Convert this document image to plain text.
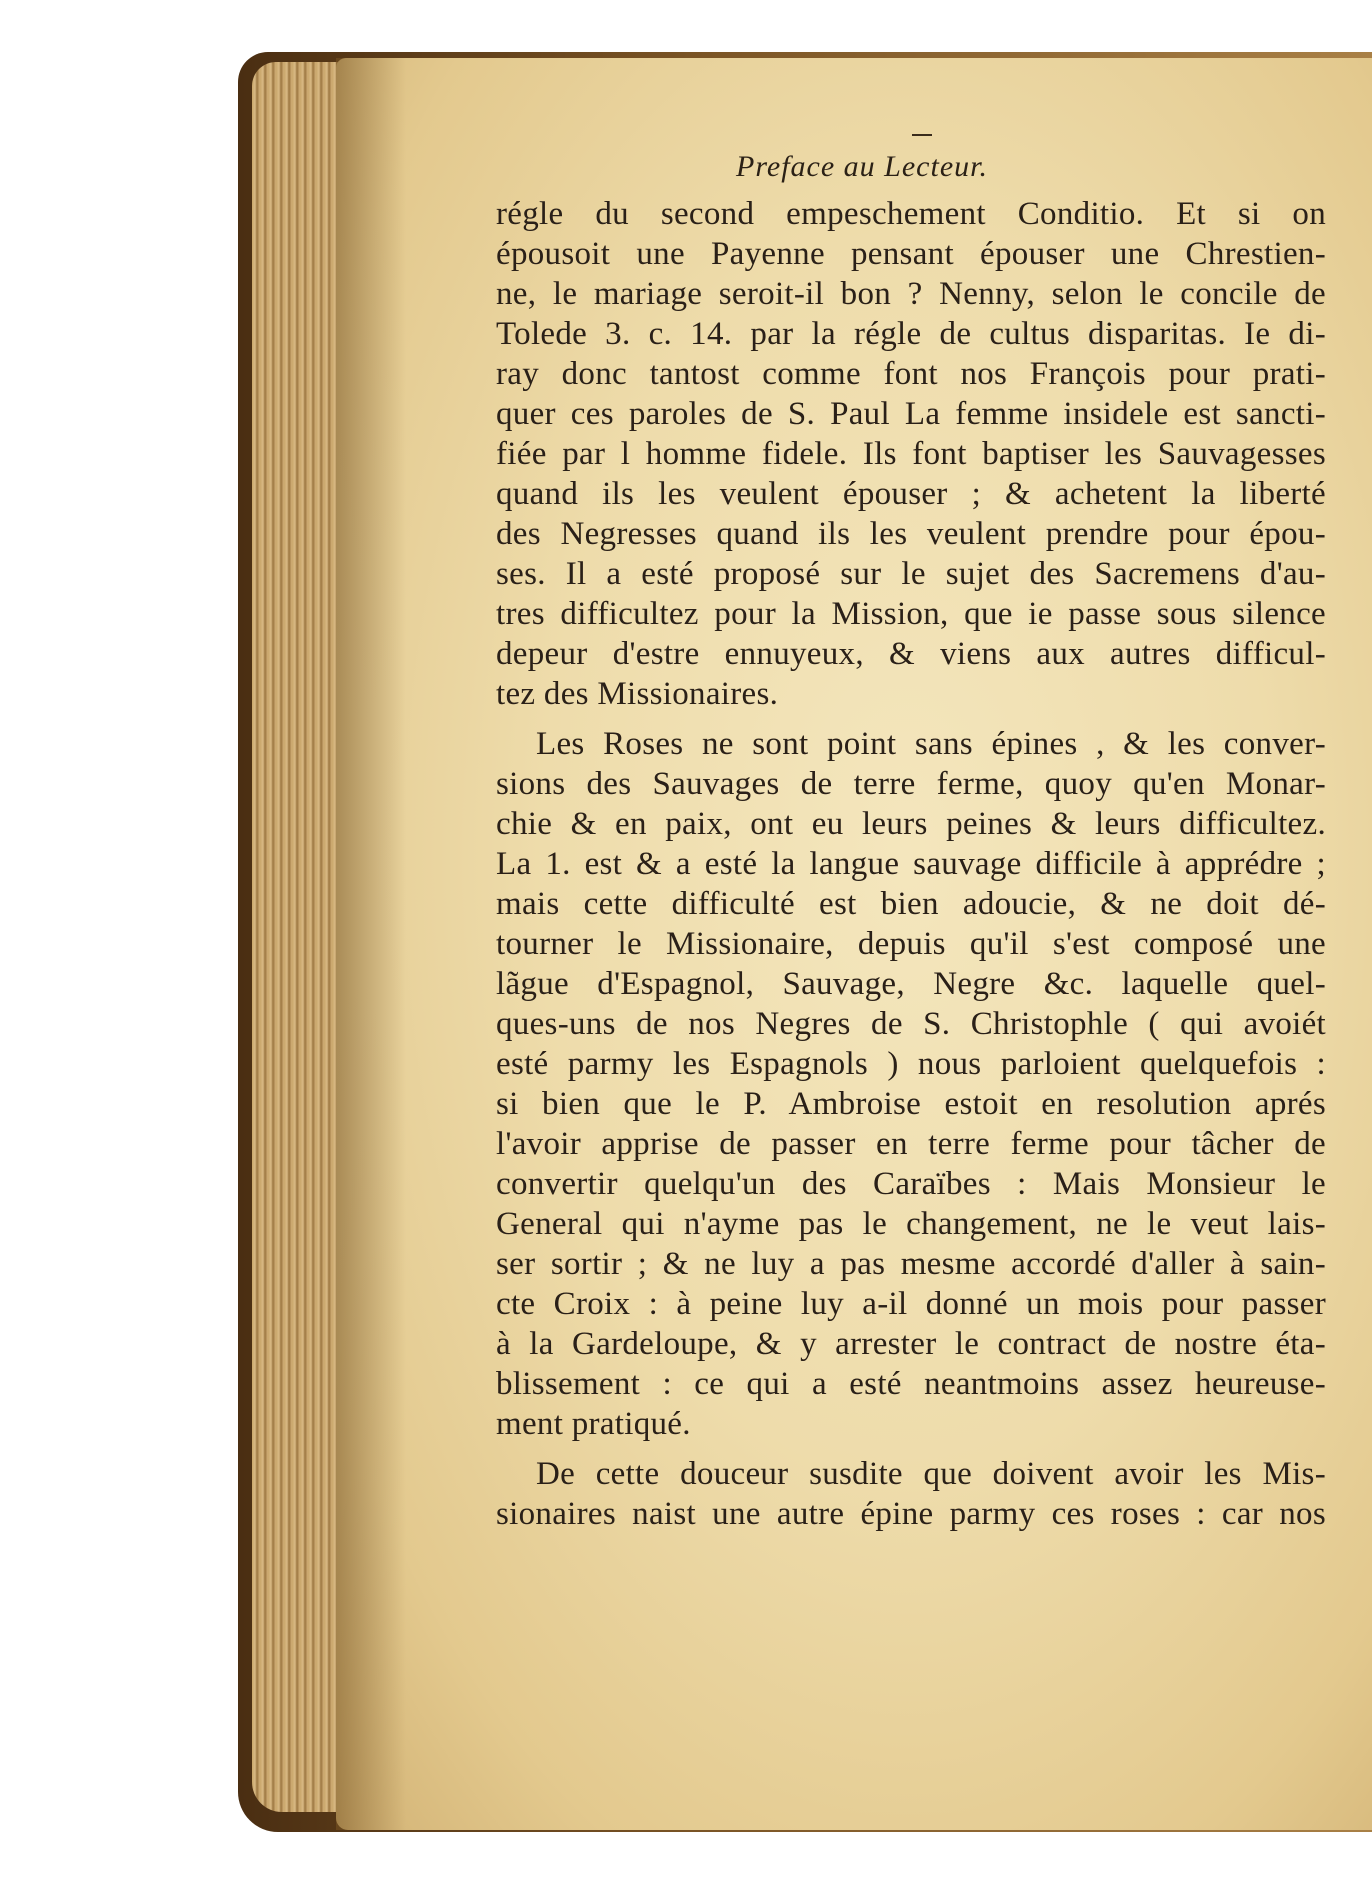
Preface au Lecteur.
régle du second empeschement Conditio. Et si on
épousoit une Payenne pensant épouser une Chrestien-
ne, le mariage seroit-il bon ? Nenny, selon le concile de
Tolede 3. c. 14. par la régle de cultus disparitas. Ie di-
ray donc tantost comme font nos François pour prati-
quer ces paroles de S. Paul La femme insidele est sancti-
fiée par l homme fidele. Ils font baptiser les Sauvagesses
quand ils les veulent épouser ; & achetent la liberté
des Negresses quand ils les veulent prendre pour épou-
ses. Il a esté proposé sur le sujet des Sacremens d'au-
tres difficultez pour la Mission, que ie passe sous silence
depeur d'estre ennuyeux, & viens aux autres difficul-
tez des Missionaires.
Les Roses ne sont point sans épines , & les conver-
sions des Sauvages de terre ferme, quoy qu'en Monar-
chie & en paix, ont eu leurs peines & leurs difficultez.
La 1. est & a esté la langue sauvage difficile à apprédre ;
mais cette difficulté est bien adoucie, & ne doit dé-
tourner le Missionaire, depuis qu'il s'est composé une
lãgue d'Espagnol, Sauvage, Negre &c. laquelle quel-
ques-uns de nos Negres de S. Christophle ( qui avoiét
esté parmy les Espagnols ) nous parloient quelquefois :
si bien que le P. Ambroise estoit en resolution aprés
l'avoir apprise de passer en terre ferme pour tâcher de
convertir quelqu'un des Caraïbes : Mais Monsieur le
General qui n'ayme pas le changement, ne le veut lais-
ser sortir ; & ne luy a pas mesme accordé d'aller à sain-
cte Croix : à peine luy a-il donné un mois pour passer
à la Gardeloupe, & y arrester le contract de nostre éta-
blissement : ce qui a esté neantmoins assez heureuse-
ment pratiqué.
De cette douceur susdite que doivent avoir les Mis-
sionaires naist une autre épine parmy ces roses : car nos
